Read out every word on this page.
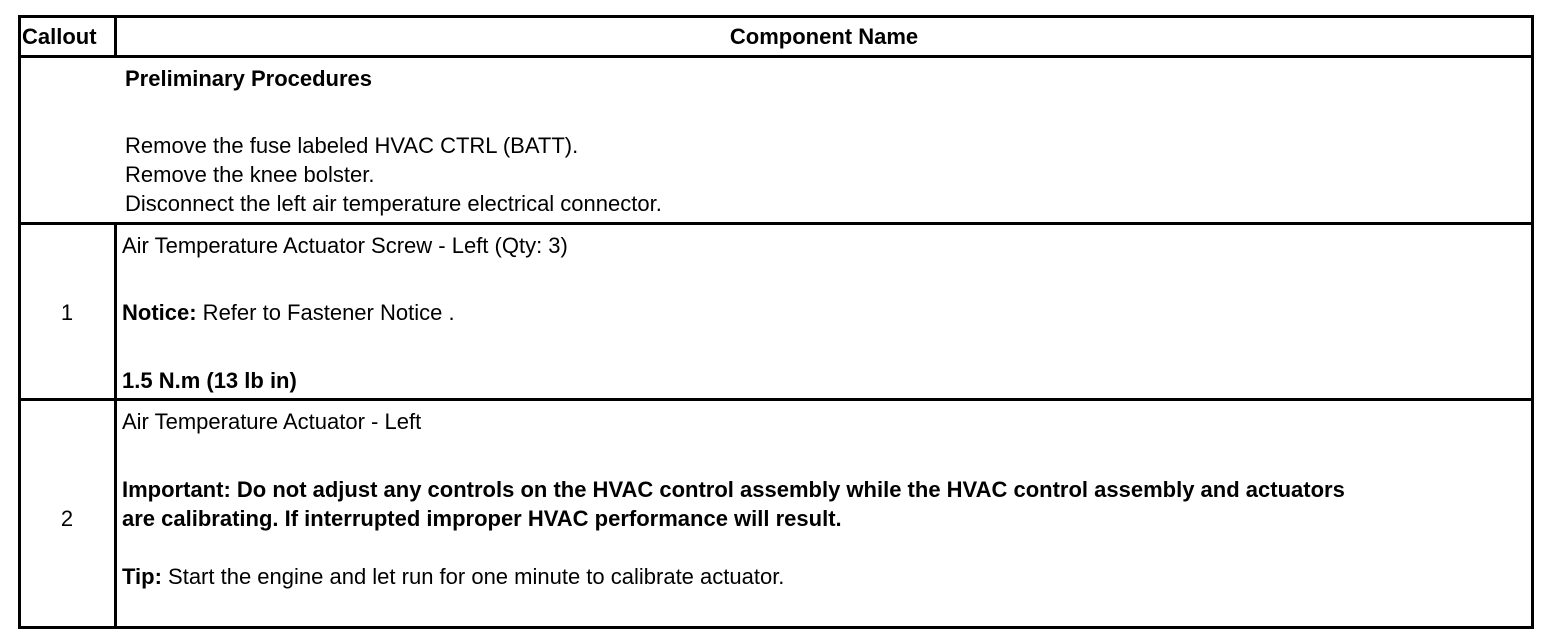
Callout	Component Name
Preliminary Procedures
Remove the fuse labeled HVAC CTRL (BATT).
Remove the knee bolster.
Disconnect the left air temperature electrical connector.
1
Air Temperature Actuator Screw - Left (Qty: 3)
Notice: Refer to Fastener Notice .
1.5 N.m (13 lb in)
2
Air Temperature Actuator - Left
Important: Do not adjust any controls on the HVAC control assembly while the HVAC control assembly and actuators
are calibrating. If interrupted improper HVAC performance will result.
Tip: Start the engine and let run for one minute to calibrate actuator.
